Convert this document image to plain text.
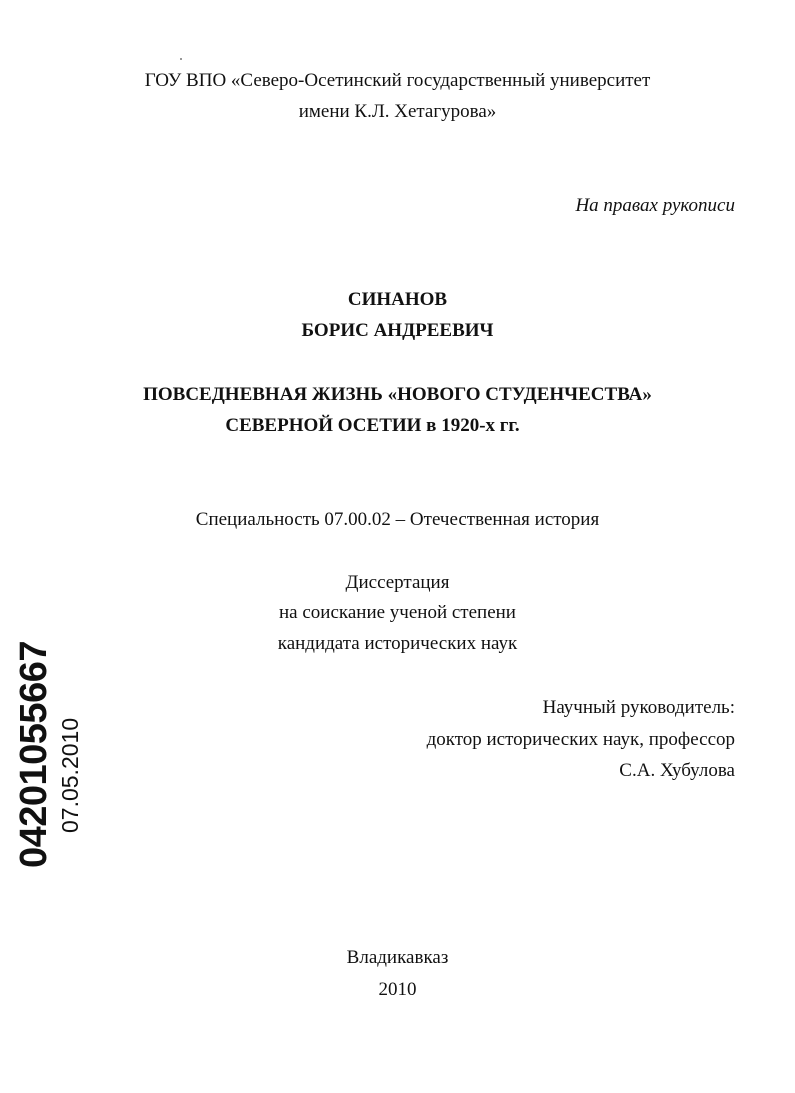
ГОУ ВПО «Северо-Осетинский государственный университет
имени К.Л. Хетагурова»
На правах рукописи
СИНАНОВ
БОРИС АНДРЕЕВИЧ
ПОВСЕДНЕВНАЯ ЖИЗНЬ «НОВОГО СТУДЕНЧЕСТВА»
СЕВЕРНОЙ ОСЕТИИ в 1920-х гг.
Специальность 07.00.02 – Отечественная история
Диссертация
на соискание ученой степени
кандидата исторических наук
Научный руководитель:
доктор исторических наук, профессор
С.А. Хубулова
Владикавказ
2010
04201055667 07.05.2010
